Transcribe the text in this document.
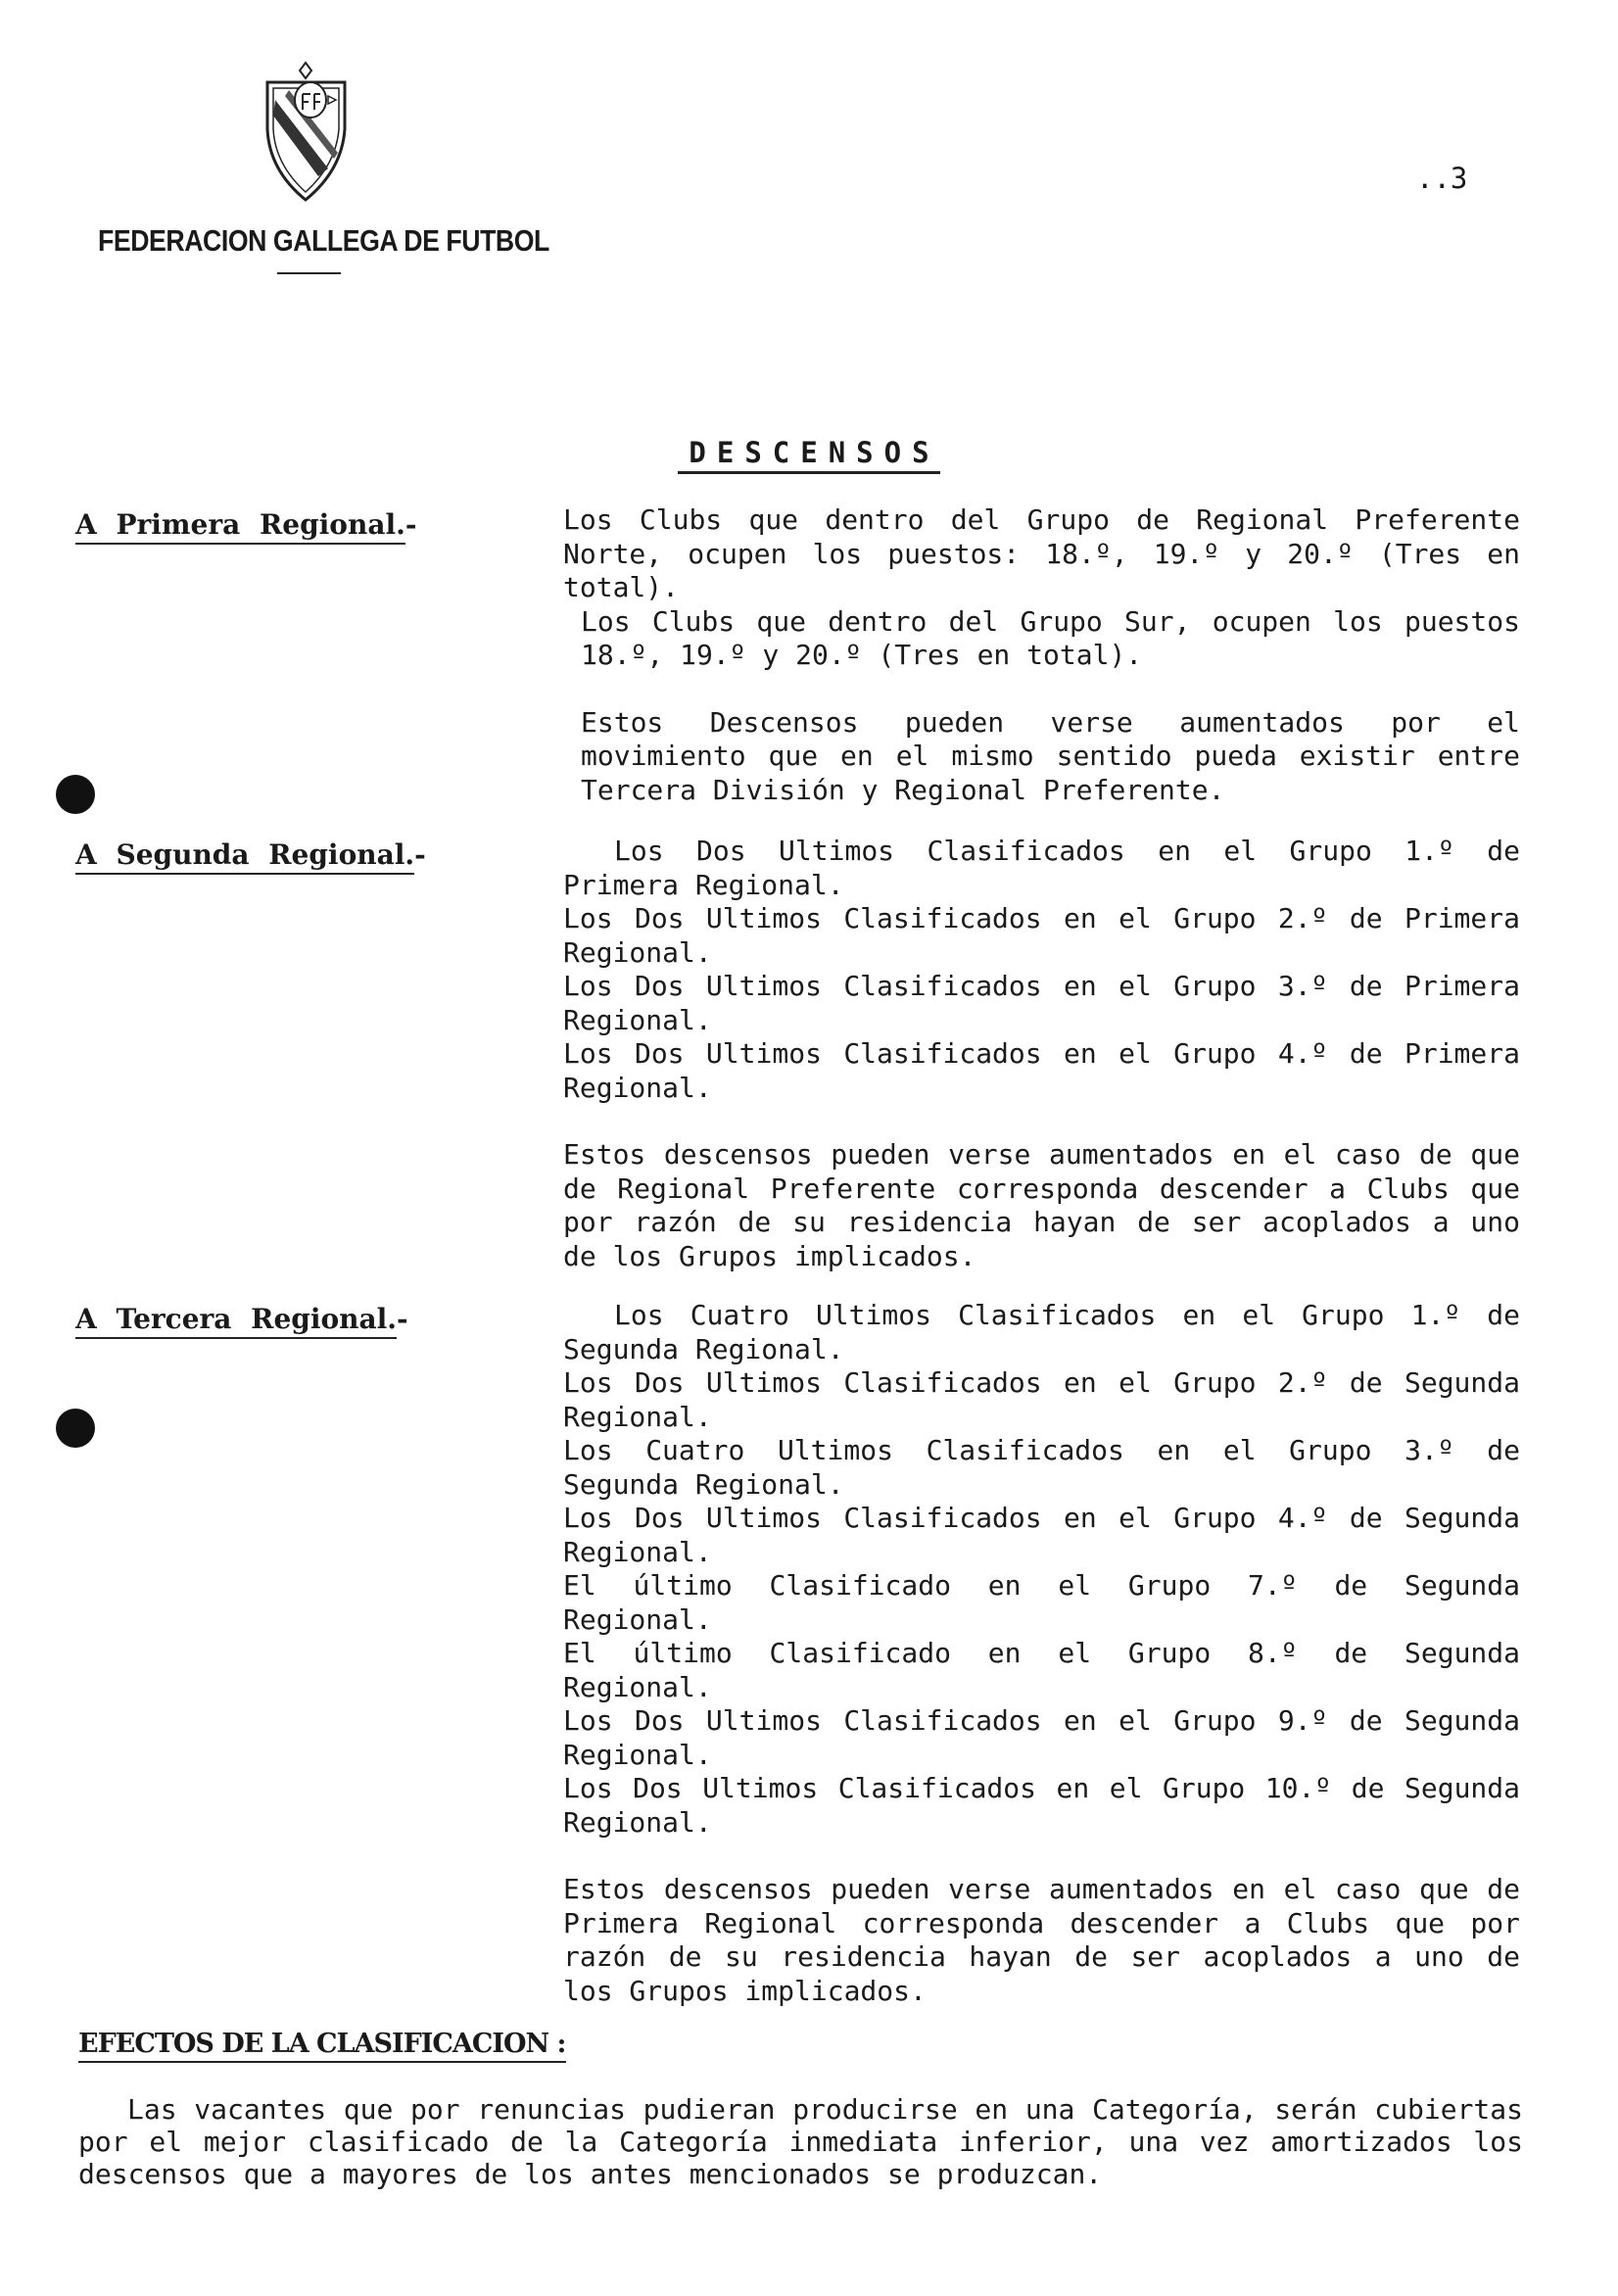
FEDERACION GALLEGA DE FUTBOL
..3
DESCENSOS
A Primera Regional.-	Los Clubs que dentro del Grupo de Regional Preferente Norte, ocupen los puestos: 18.º, 19.º y 20.º (Tres en total).

Los Clubs que dentro del Grupo Sur, ocupen los puestos 18.º, 19.º y 20.º (Tres en total).

Estos Descensos pueden verse aumentados por el movimiento que en el mismo sentido pueda existir entre Tercera División y Regional Preferente.

A Segunda Regional.-	Los Dos Ultimos Clasificados en el Grupo 1.º de Primera Regional.

Los Dos Ultimos Clasificados en el Grupo 2.º de Primera Regional.

Los Dos Ultimos Clasificados en el Grupo 3.º de Primera Regional.

Los Dos Ultimos Clasificados en el Grupo 4.º de Primera Regional.

Estos descensos pueden verse aumentados en el caso de que de Regional Preferente corresponda descender a Clubs que por razón de su residencia hayan de ser acoplados a uno de los Grupos implicados.

A Tercera Regional.-	Los Cuatro Ultimos Clasificados en el Grupo 1.º de Segunda Regional.

Los Dos Ultimos Clasificados en el Grupo 2.º de Segunda Regional.

Los Cuatro Ultimos Clasificados en el Grupo 3.º de Segunda Regional.

Los Dos Ultimos Clasificados en el Grupo 4.º de Segunda Regional.

El último Clasificado en el Grupo 7.º de Segunda Regional.

El último Clasificado en el Grupo 8.º de Segunda Regional.

Los Dos Ultimos Clasificados en el Grupo 9.º de Segunda Regional.

Los Dos Ultimos Clasificados en el Grupo 10.º de Segunda Regional.

Estos descensos pueden verse aumentados en el caso que de Primera Regional corresponda descender a Clubs que por razón de su residencia hayan de ser acoplados a uno de los Grupos implicados.

EFECTOS DE LA CLASIFICACION :

Las vacantes que por renuncias pudieran producirse en una Categoría, serán cubiertas por el mejor clasificado de la Categoría inmediata inferior, una vez amortizados los descensos que a mayores de los antes mencionados se produzcan.
